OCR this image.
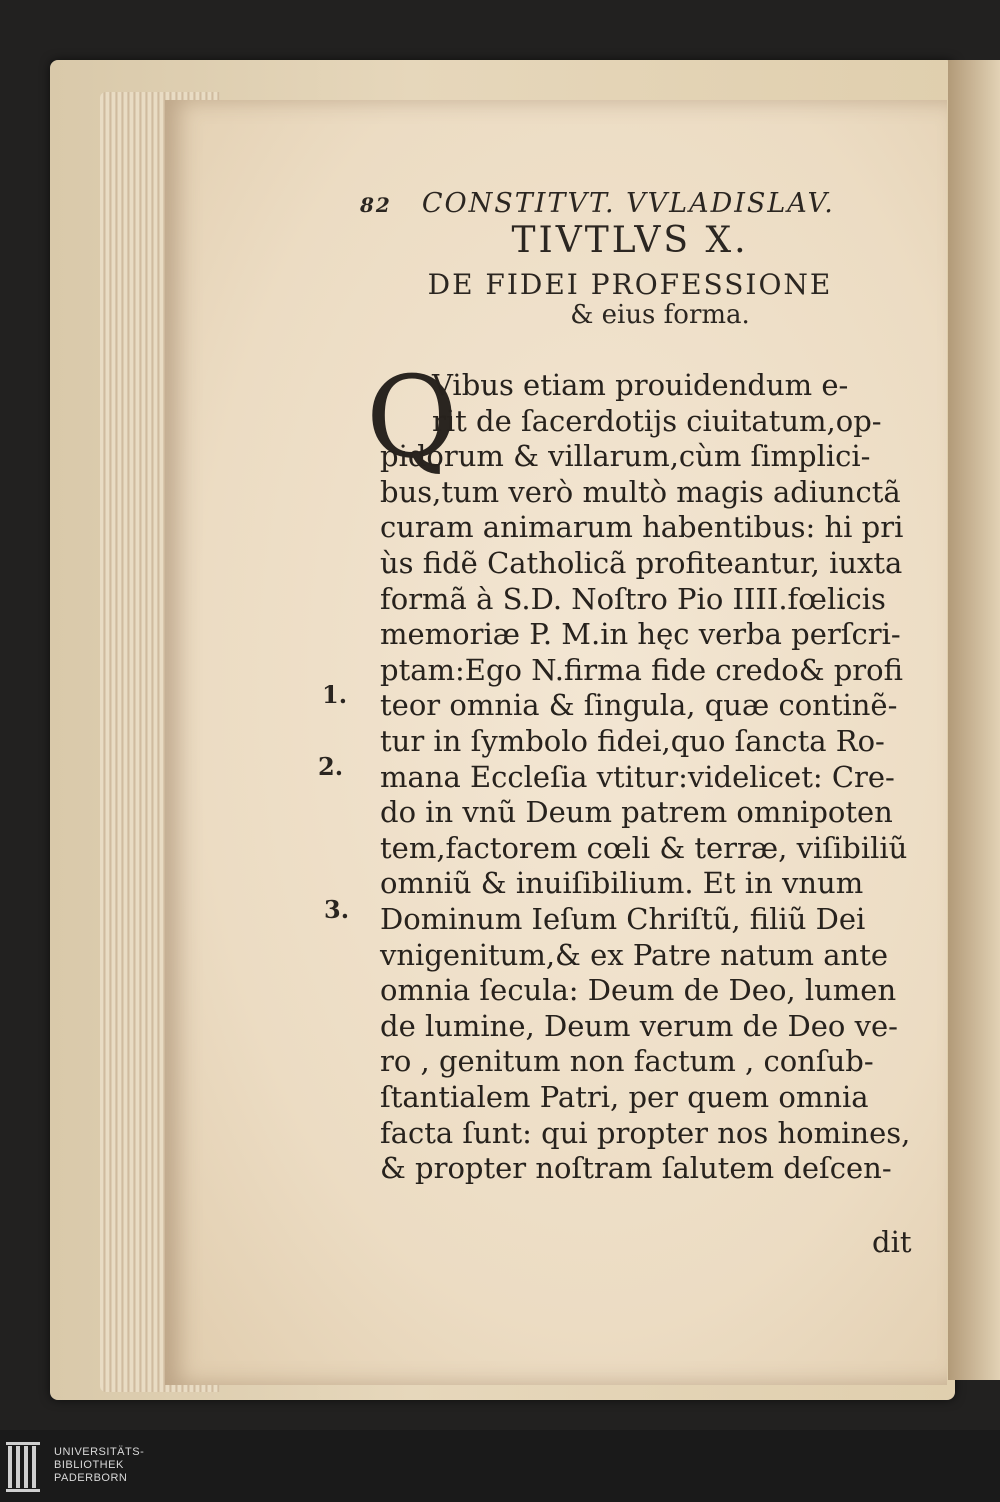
82 CONSTITVT. VVLADISLAV.
TIVTLVS X.
DE FIDEI PROFESSIONE
& eius forma.
Q
Vibus etiam prouidendum e-
rit de ſacerdotijs ciuitatum,op-
pidorum & villarum,cùm ſimplici-
bus,tum verò multò magis adiunctã
curam animarum habentibus: hi pri
ùs fidẽ Catholicã profiteantur, iuxta
formã à S.D. Noſtro Pio IIII.fœlicis
memoriæ P. M.in hęc verba perſcri-
ptam:Ego N.firma fide credo& profi
teor omnia & ſingula, quæ continẽ-
tur in ſymbolo fidei,quo ſancta Ro-
mana Eccleſia vtitur:videlicet: Cre-
do in vnũ Deum patrem omnipoten
tem,factorem cœli & terræ, viſibiliũ
omniũ & inuiſibilium. Et in vnum
Dominum Ieſum Chriſtũ, filiũ Dei
vnigenitum,& ex Patre natum ante
omnia ſecula: Deum de Deo, lumen
de lumine, Deum verum de Deo ve-
ro , genitum non factum , conſub-
ſtantialem Patri, per quem omnia
facta ſunt: qui propter nos homines,
& propter noſtram ſalutem deſcen-
1.
2.
3.
dit
UNIVERSITÄTS-
BIBLIOTHEK
PADERBORN
